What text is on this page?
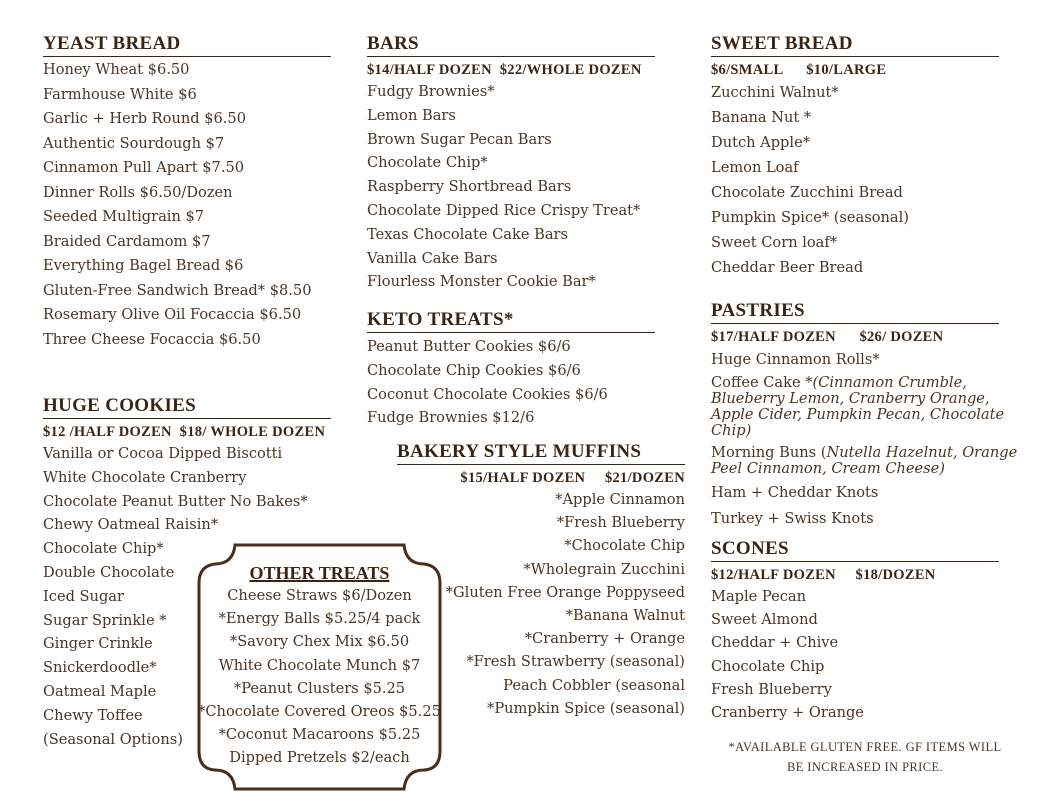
YEAST BREAD
Honey Wheat $6.50
Farmhouse White $6
Garlic + Herb Round $6.50
Authentic Sourdough $7
Cinnamon Pull Apart $7.50
Dinner Rolls $6.50/Dozen
Seeded Multigrain $7
Braided Cardamom $7
Everything Bagel Bread $6
Gluten-Free Sandwich Bread* $8.50
Rosemary Olive Oil Focaccia $6.50
Three Cheese Focaccia $6.50
HUGE COOKIES
$12 /HALF DOZEN  $18/ WHOLE DOZEN
Vanilla or Cocoa Dipped Biscotti
White Chocolate Cranberry
Chocolate Peanut Butter No Bakes*
Chewy Oatmeal Raisin*
Chocolate Chip*
Double Chocolate
Iced Sugar
Sugar Sprinkle *
Ginger Crinkle
Snickerdoodle*
Oatmeal Maple
Chewy Toffee
(Seasonal Options)
BARS
$14/HALF DOZEN  $22/WHOLE DOZEN
Fudgy Brownies*
Lemon Bars
Brown Sugar Pecan Bars
Chocolate Chip*
Raspberry Shortbread Bars
Chocolate Dipped Rice Crispy Treat*
Texas Chocolate Cake Bars
Vanilla Cake Bars
Flourless Monster Cookie Bar*
KETO TREATS*
Peanut Butter Cookies $6/6
Chocolate Chip Cookies $6/6
Coconut Chocolate Cookies $6/6
Fudge Brownies $12/6
BAKERY STYLE MUFFINS
$15/HALF DOZEN     $21/DOZEN
*Apple Cinnamon
*Fresh Blueberry
*Chocolate Chip
*Wholegrain Zucchini
*Gluten Free Orange Poppyseed
*Banana Walnut
*Cranberry + Orange
*Fresh Strawberry (seasonal)
Peach Cobbler (seasonal
*Pumpkin Spice (seasonal)
OTHER TREATS
Cheese Straws $6/Dozen
*Energy Balls $5.25/4 pack
*Savory Chex Mix $6.50
White Chocolate Munch $7
*Peanut Clusters $5.25
*Chocolate Covered Oreos $5.25
*Coconut Macaroons $5.25
Dipped Pretzels $2/each
SWEET BREAD
$6/SMALL      $10/LARGE
Zucchini Walnut*
Banana Nut *
Dutch Apple*
Lemon Loaf
Chocolate Zucchini Bread
Pumpkin Spice* (seasonal)
Sweet Corn loaf*
Cheddar Beer Bread
PASTRIES
$17/HALF DOZEN      $26/ DOZEN
Huge Cinnamon Rolls*
Coffee Cake *(Cinnamon Crumble, Blueberry Lemon, Cranberry Orange, Apple Cider, Pumpkin Pecan, Chocolate Chip)
Morning Buns (Nutella Hazelnut, Orange Peel Cinnamon, Cream Cheese)
Ham + Cheddar Knots
Turkey + Swiss Knots
SCONES
$12/HALF DOZEN     $18/DOZEN
Maple Pecan
Sweet Almond
Cheddar + Chive
Chocolate Chip
Fresh Blueberry
Cranberry + Orange
*AVAILABLE GLUTEN FREE. GF ITEMS WILL
BE INCREASED IN PRICE.
